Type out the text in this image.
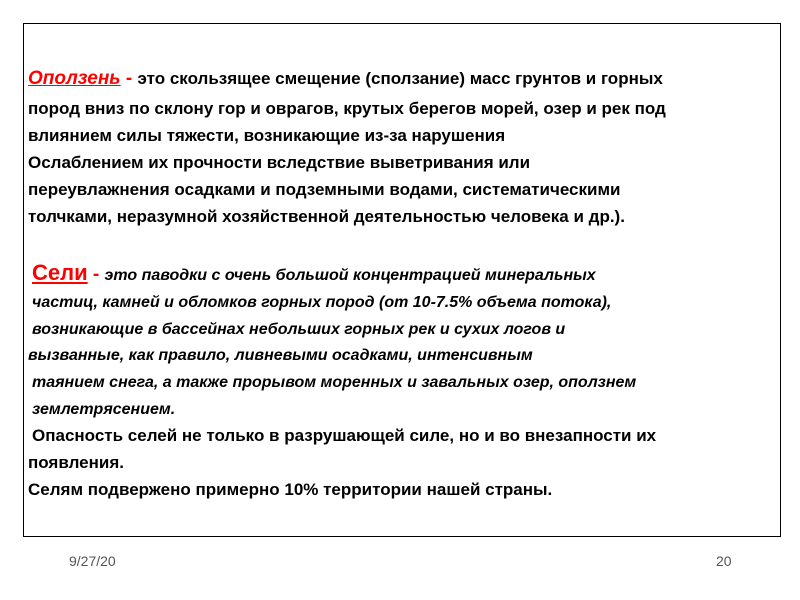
Оползень - это скользящее смещение (сползание) масс грунтов и горных
пород вниз по склону гор и оврагов, крутых берегов морей, озер и рек под
влиянием силы тяжести, возникающие из-за нарушения
Ослаблением их прочности вследствие выветривания или
переувлажнения осадками и подземными водами, систематическими
толчками, неразумной хозяйственной деятельностью человека и др.).
Сели - это паводки с очень большой концентрацией минеральных
частиц, камней и обломков горных пород (от 10-7.5% объема потока),
возникающие в бассейнах небольших горных рек и сухих логов и
вызванные, как правило, ливневыми осадками, интенсивным
таянием снега, а также прорывом моренных и завальных озер, оползнем
землетрясением.
Опасность селей не только в разрушающей силе, но и во внезапности их
появления.
Селям подвержено примерно 10% территории нашей страны.
9/27/20	20
